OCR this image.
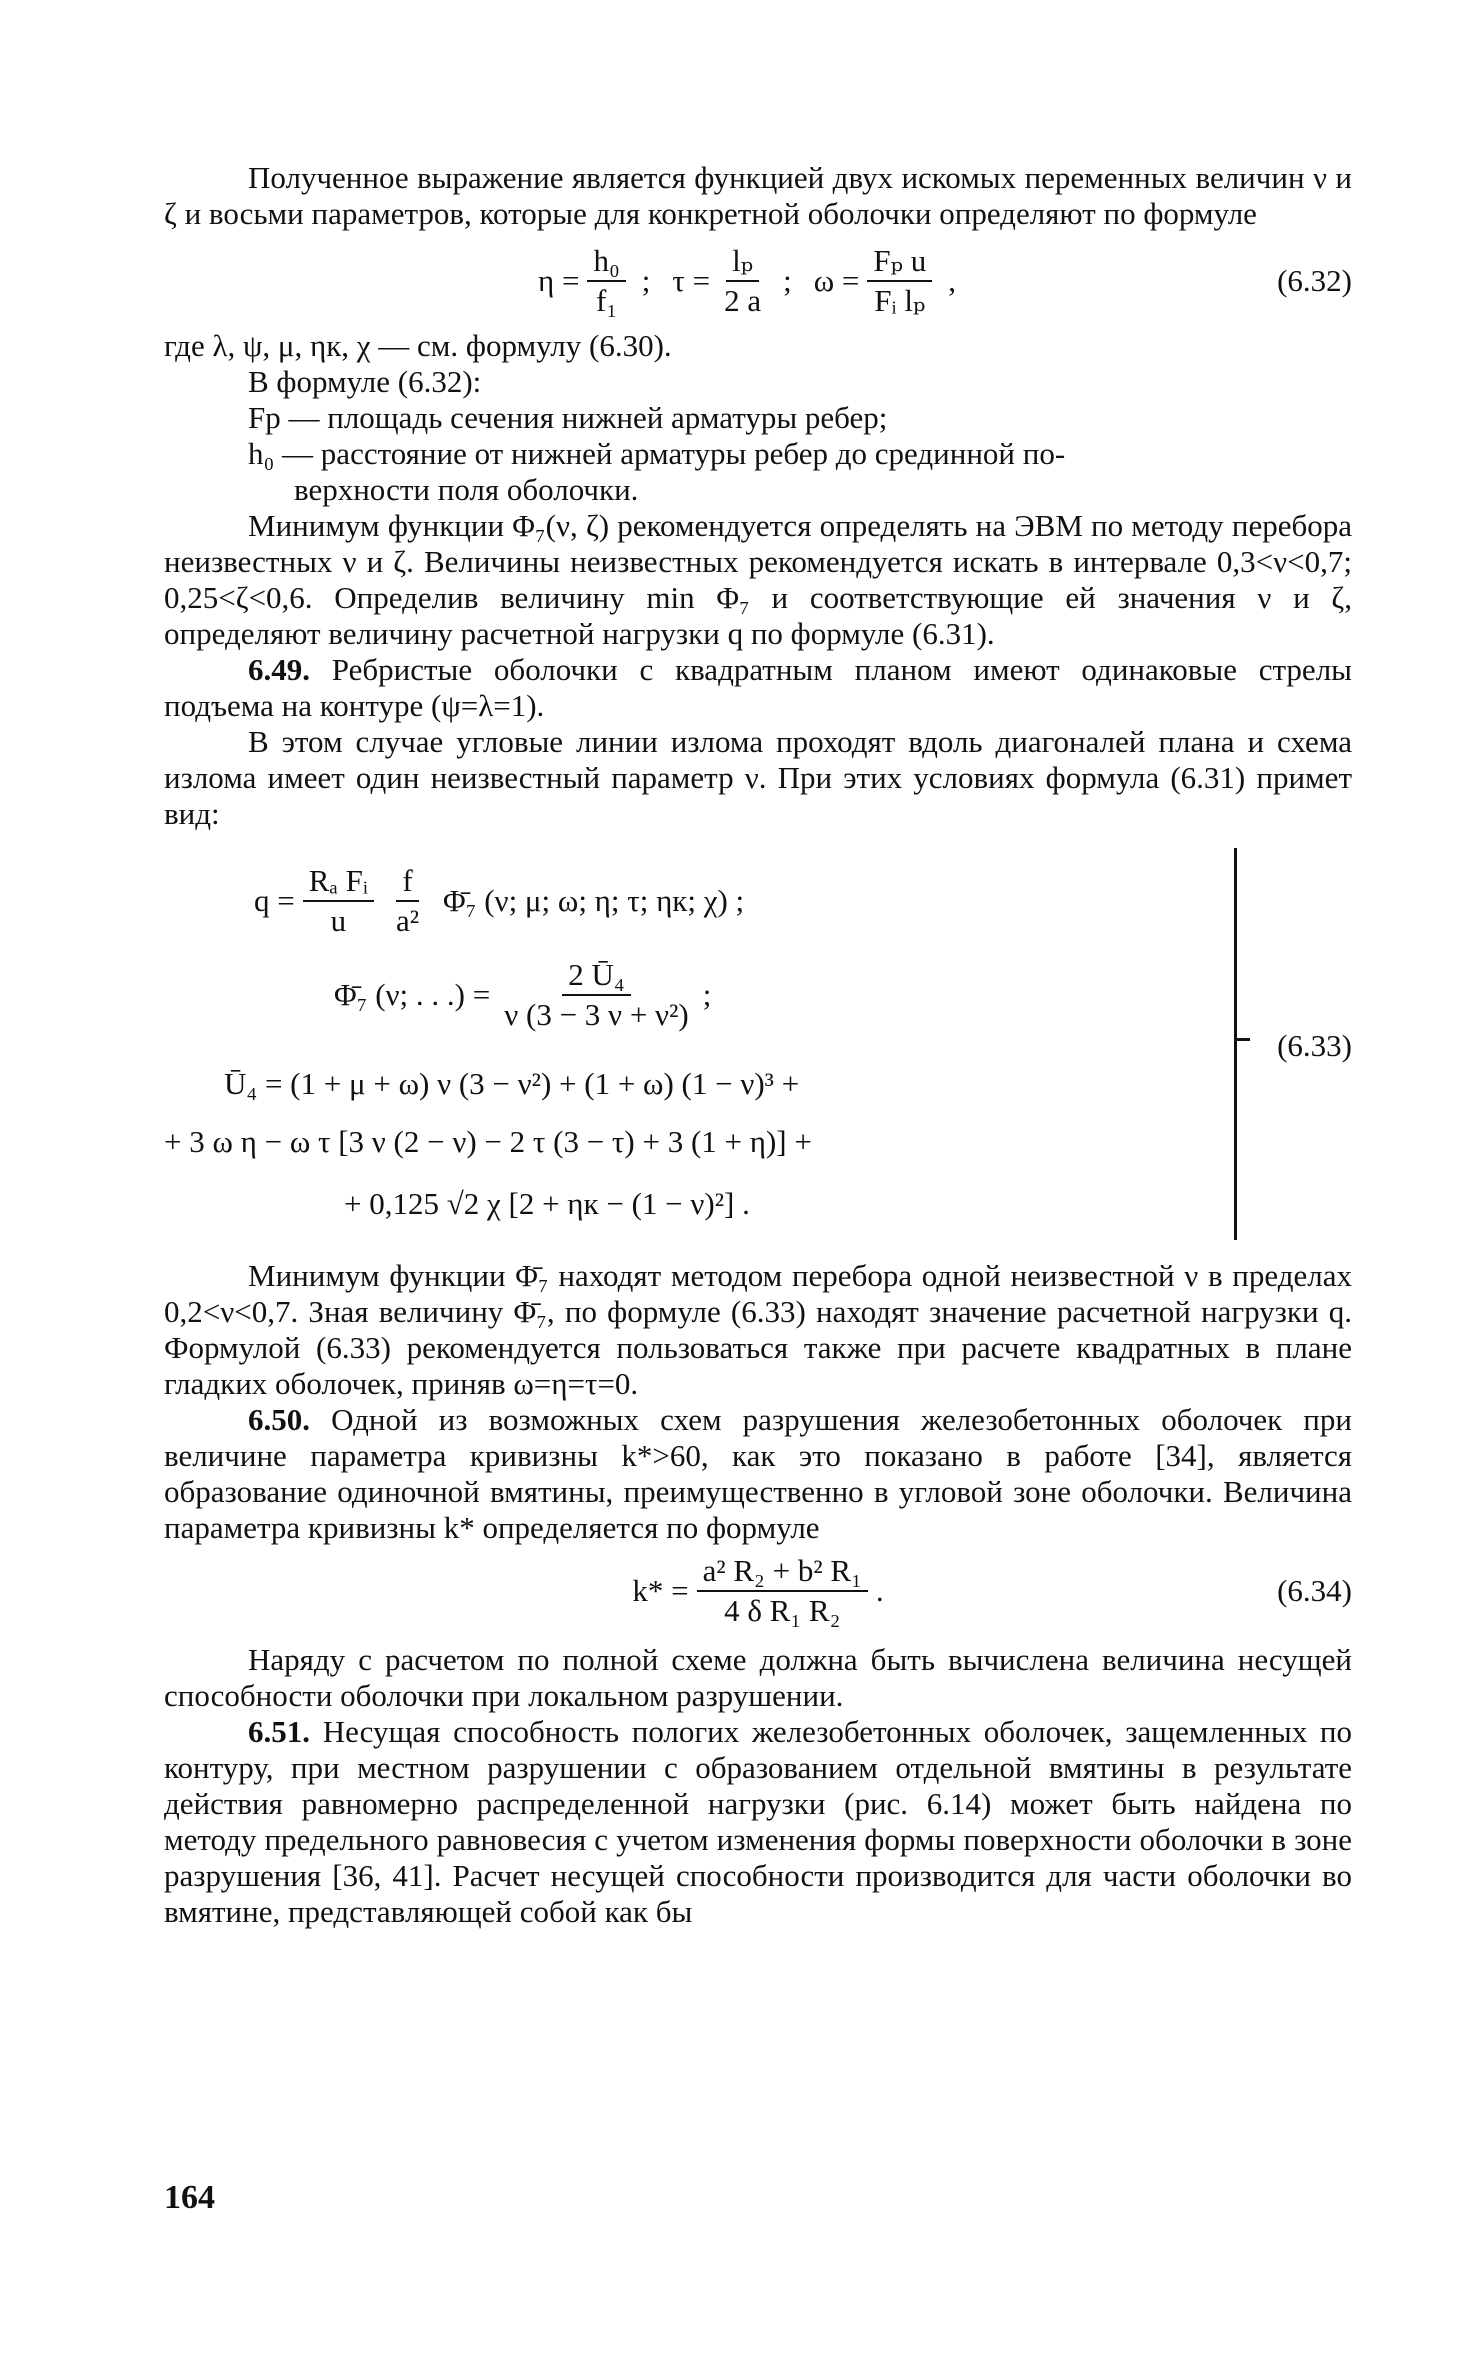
Полученное выражение является функцией двух искомых переменных величин ν и ζ и восьми параметров, которые для конкретной оболочки определяют по формуле

$\eta = \frac{\text{h₀}}{\text{f₁}}$ ; $\tau = \frac{\text{lₚ}}{2 a}$ ; $\omega = \frac{\text{Fₚ u}}{\text{Fᵢ lₚ}}$ ,	(6.32)

где λ, ψ, μ, ηк, χ — см. формулу (6.30).

В формуле (6.32):

Fр — площадь сечения нижней арматуры ребер;

h₀ — расстояние от нижней арматуры ребер до срединной по-

верхности поля оболочки.

Минимум функции Φ₇(ν, ζ) рекомендуется определять на ЭВМ по методу перебора неизвестных ν и ζ. Величины неизвестных рекомендуется искать в интервале 0,3<ν<0,7; 0,25<ζ<0,6. Определив величину min Φ₇ и соответствующие ей значения ν и ζ, определяют величину расчетной нагрузки q по формуле (6.31).

6.49. Ребристые оболочки с квадратным планом имеют одинаковые стрелы подъема на контуре (ψ=λ=1).

В этом случае угловые линии излома проходят вдоль диагоналей плана и схема излома имеет один неизвестный параметр ν. При этих условиях формула (6.31) примет вид:

$q = \frac{\text{Rₐ Fᵢ}}{u} \frac{f}{\text{a²}}$ Φ̄₇ (ν; μ; ω; η; τ; ηк; χ) ;
Φ̄₇ (ν; . . .) = $\frac{\text{2 Ū₄}}{\text{ν (3 − 3 ν + ν²)}}$ ;
Ū₄ = (1 + μ + ω) ν (3 − ν²) + (1 + ω) (1 − ν)³ +
+ 3 ω η − ω τ [3 ν (2 − ν) − 2 τ (3 − τ) + 3 (1 + η)] +
+ 0,125 √2 χ [2 + ηк − (1 − ν)²] .
(6.33)

Минимум функции Φ̄₇ находят методом перебора одной неизвестной ν в пределах 0,2<ν<0,7. Зная величину Φ̄₇, по формуле (6.33) находят значение расчетной нагрузки q. Формулой (6.33) рекомендуется пользоваться также при расчете квадратных в плане гладких оболочек, приняв ω=η=τ=0.

6.50. Одной из возможных схем разрушения железобетонных оболочек при величине параметра кривизны k*>60, как это показано в работе [34], является образование одиночной вмятины, преимущественно в угловой зоне оболочки. Величина параметра кривизны k* определяется по формуле

$k* = \frac{\text{a² R₂ + b² R₁}}{\text{4 δ R₁ R₂}}$ .	(6.34)

Наряду с расчетом по полной схеме должна быть вычислена величина несущей способности оболочки при локальном разрушении.

6.51. Несущая способность пологих железобетонных оболочек, защемленных по контуру, при местном разрушении с образованием отдельной вмятины в результате действия равномерно распределенной нагрузки (рис. 6.14) может быть найдена по методу предельного равновесия с учетом изменения формы поверхности оболочки в зоне разрушения [36, 41]. Расчет несущей способности производится для части оболочки во вмятине, представляющей собой как бы

164
